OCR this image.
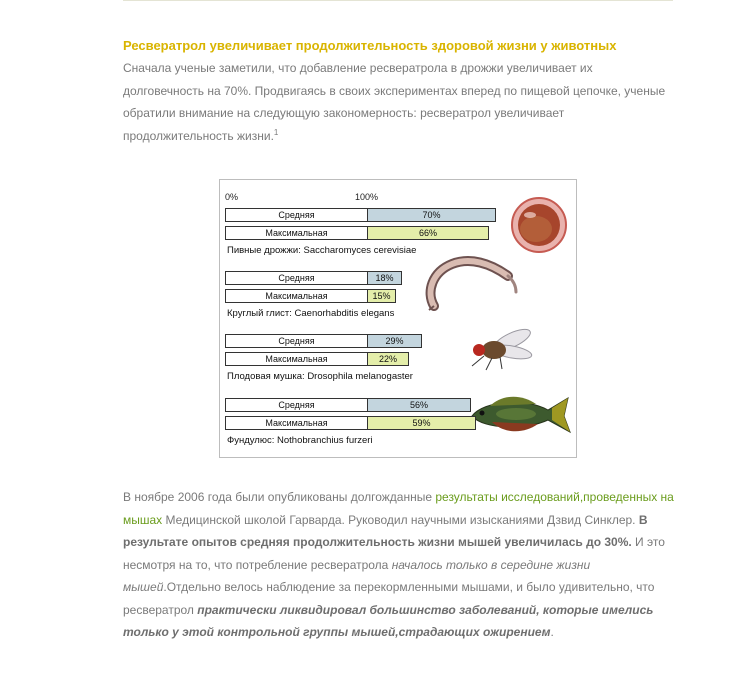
Ресвератрол увеличивает продолжительность здоровой жизни у животных
Сначала ученые заметили, что добавление ресвератрола в дрожжи увеличивает их долговечность на 70%. Продвигаясь в своих экспериментах вперед по пищевой цепочке, ученые обратили внимание на следующую закономерность: ресвератрол увеличивает продолжительность жизни.$^1$
0%	100%
Средняя	70%
Максимальная	66%
Пивные дрожжи: Saccharomyces cerevisiae
Средняя	18%
Максимальная	15%
Круглый глист: Caenorhabditis elegans
Средняя	29%
Максимальная	22%
Плодовая мушка: Drosophila melanogaster
Средняя	56%
Максимальная	59%
Фундулюс: Nothobranchius furzeri
В ноябре 2006 года были опубликованы долгожданные результаты исследований,проведенных на мышах Медицинской школой Гарварда. Руководил научными изысканиями Дзвид Синклер. В результате опытов средняя продолжительность жизни мышей увеличилась до 30%. И это несмотря на то, что потребление ресвератрола началось только в середине жизни мышей.Отдельно велось наблюдение за перекормленными мышами, и было удивительно, что ресвератрол практически ликвидировал большинство заболеваний, которые имелись только у этой контрольной группы мышей,страдающих ожирением.
